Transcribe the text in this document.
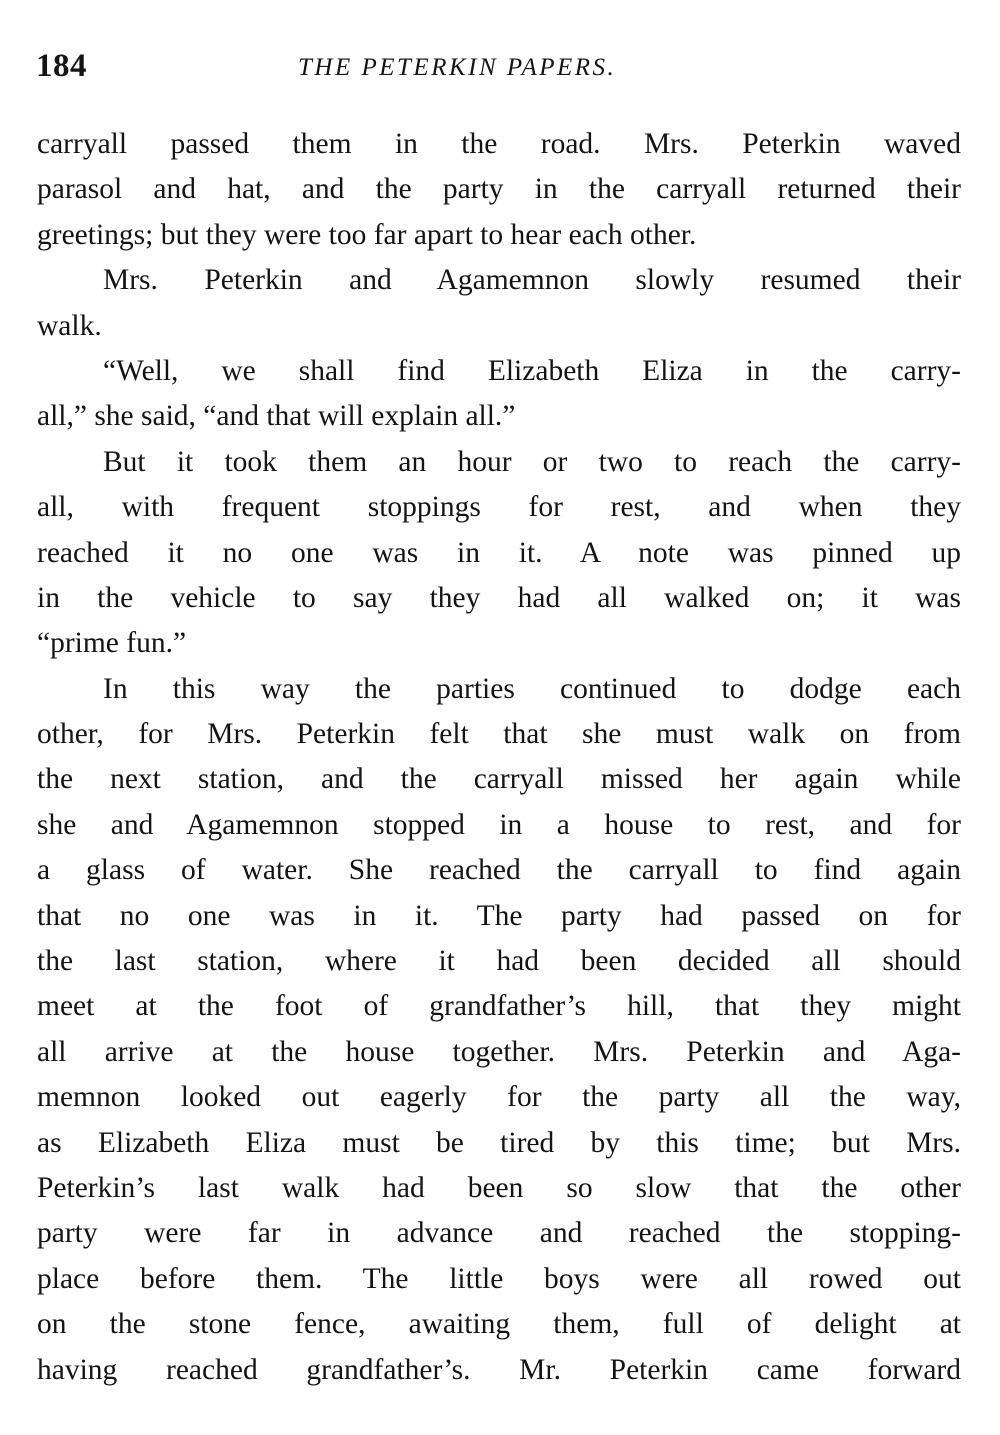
184	THE PETERKIN PAPERS.
carryall passed them in the road. Mrs. Peterkin waved
parasol and hat, and the party in the carryall returned their
greetings; but they were too far apart to hear each other.
Mrs. Peterkin and Agamemnon slowly resumed their
walk.
“Well, we shall find Elizabeth Eliza in the carry-
all,” she said, “and that will explain all.”
But it took them an hour or two to reach the carry-
all, with frequent stoppings for rest, and when they
reached it no one was in it. A note was pinned up
in the vehicle to say they had all walked on; it was
“prime fun.”
In this way the parties continued to dodge each
other, for Mrs. Peterkin felt that she must walk on from
the next station, and the carryall missed her again while
she and Agamemnon stopped in a house to rest, and for
a glass of water. She reached the carryall to find again
that no one was in it. The party had passed on for
the last station, where it had been decided all should
meet at the foot of grandfather’s hill, that they might
all arrive at the house together. Mrs. Peterkin and Aga-
memnon looked out eagerly for the party all the way,
as Elizabeth Eliza must be tired by this time; but Mrs.
Peterkin’s last walk had been so slow that the other
party were far in advance and reached the stopping-
place before them. The little boys were all rowed out
on the stone fence, awaiting them, full of delight at
having reached grandfather’s. Mr. Peterkin came forward
